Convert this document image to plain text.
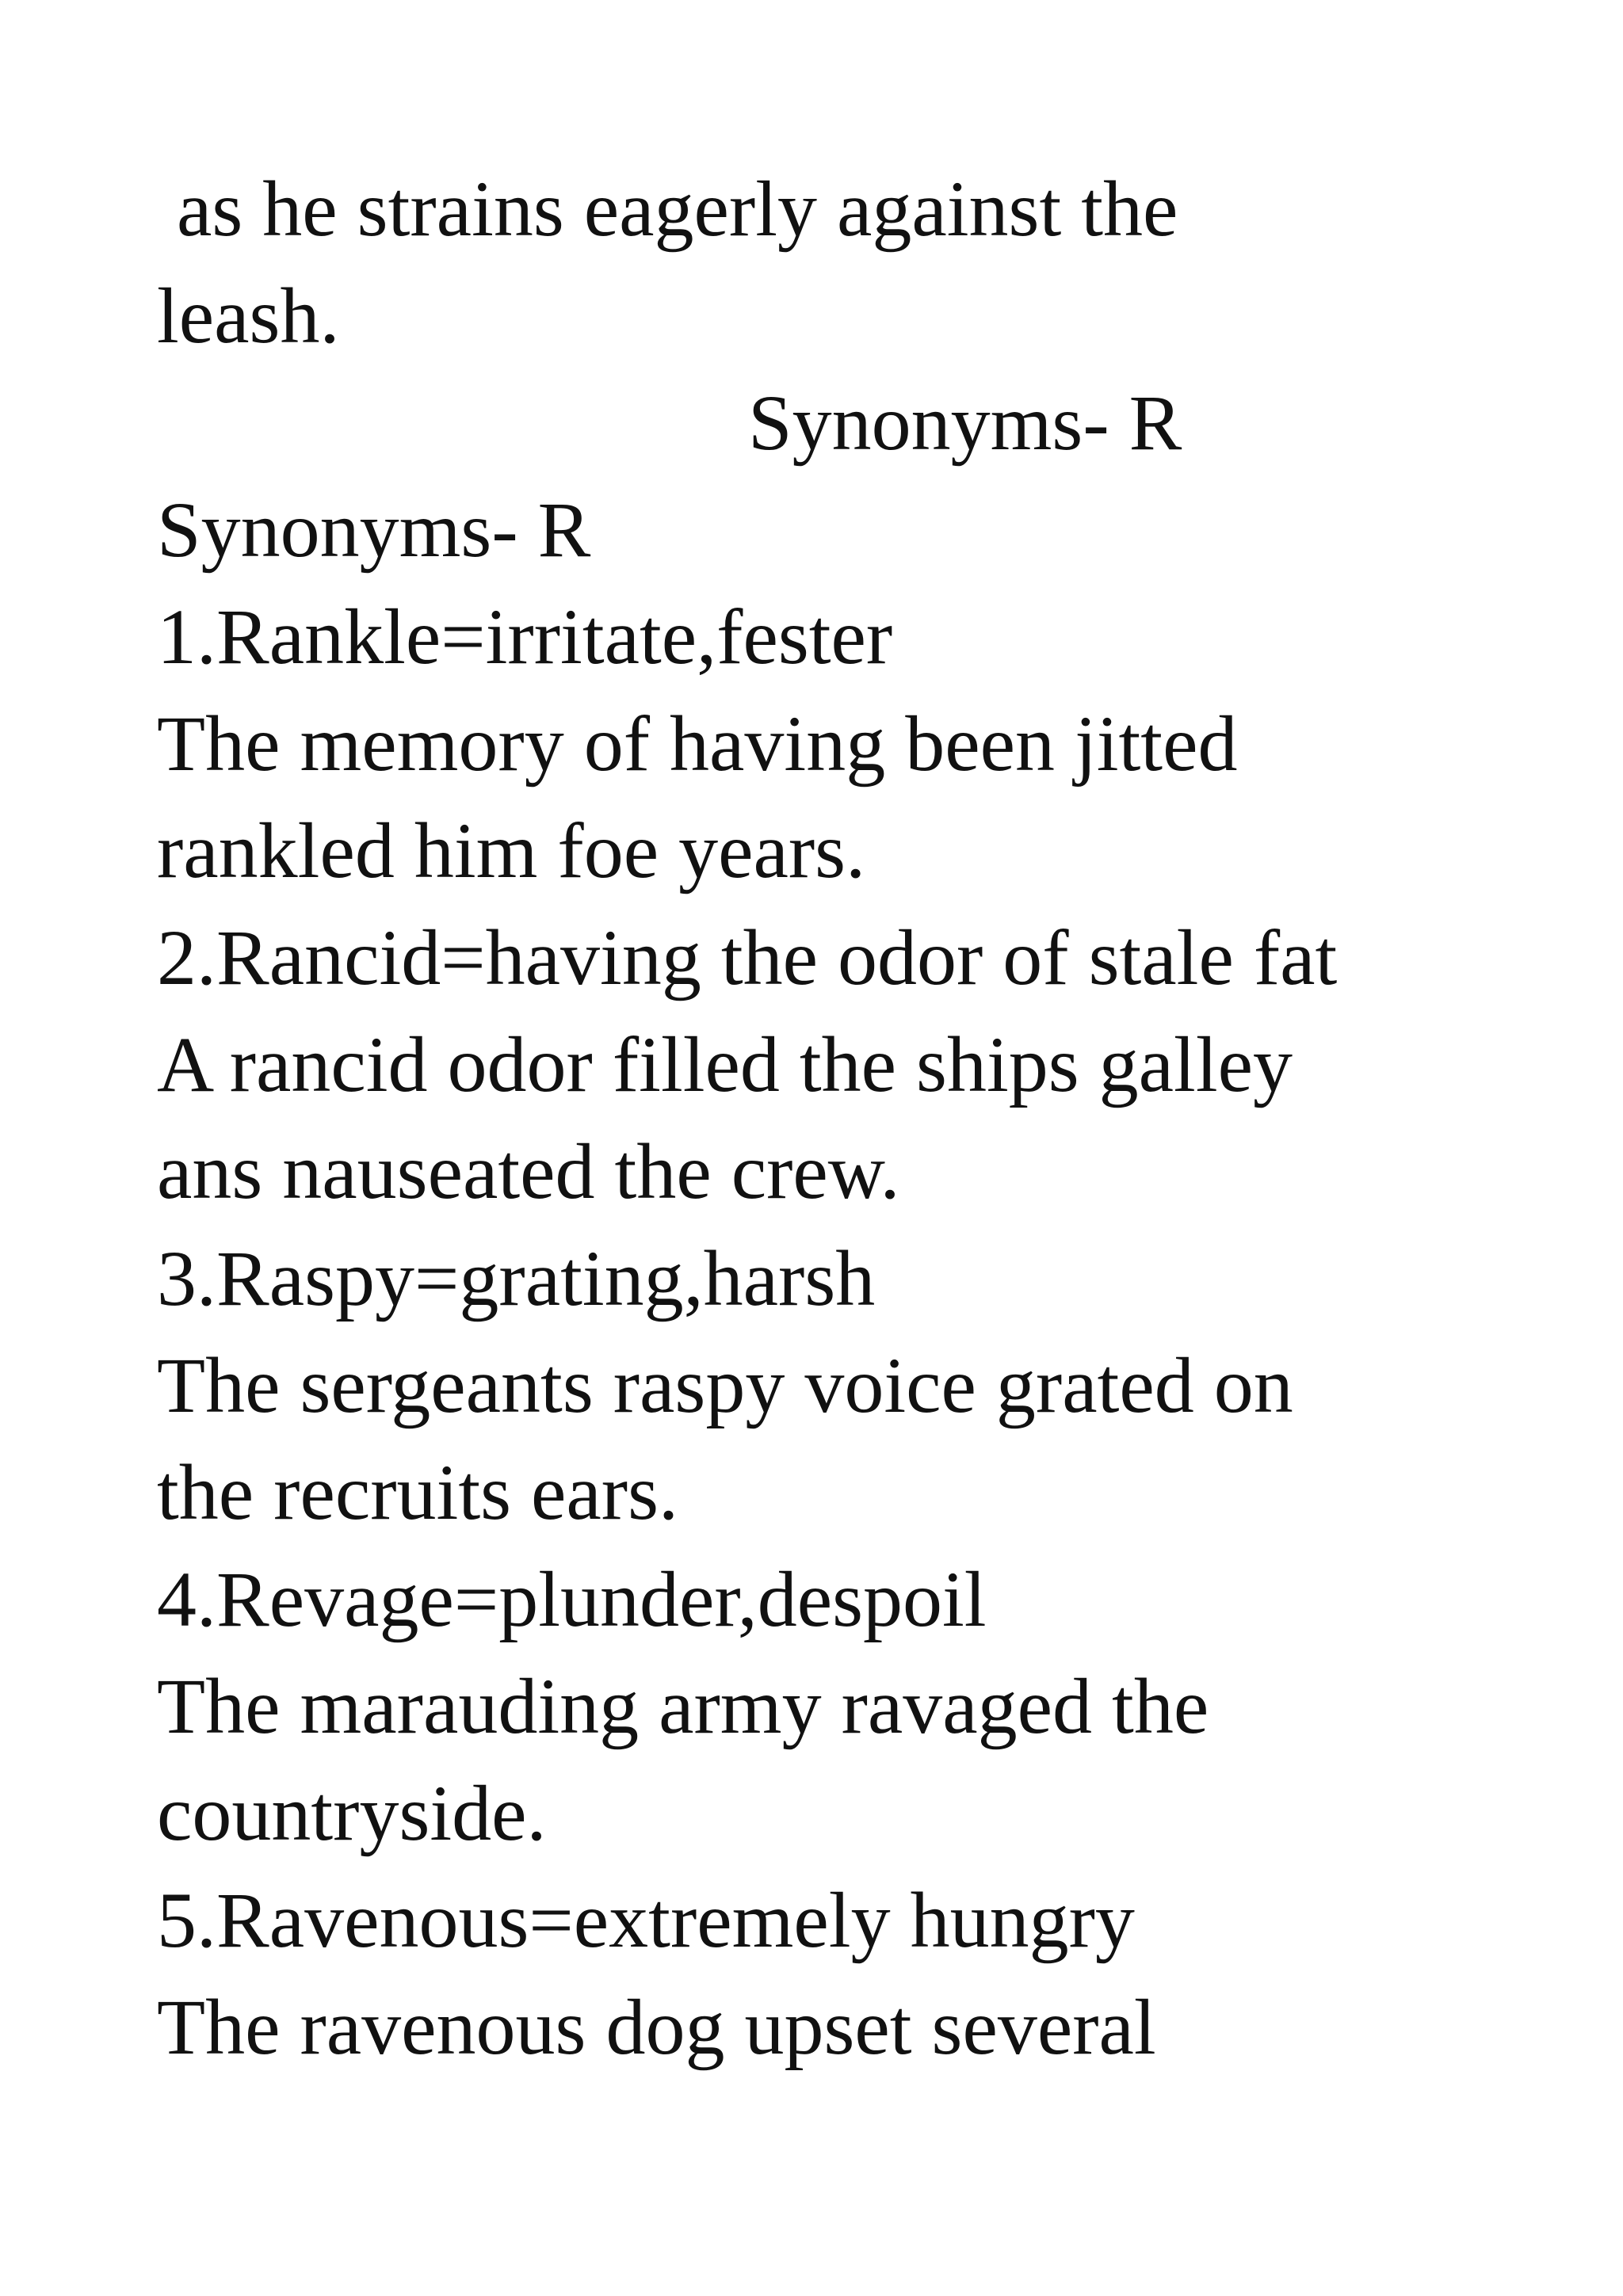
as he strains eagerly against the

leash.

Synonyms- R

Synonyms- R

1.Rankle=irritate,fester

The memory of having been jitted

rankled him foe years.

2.Rancid=having the odor of stale fat

A rancid odor filled the ships galley

ans nauseated the crew.

3.Raspy=grating,harsh

The sergeants raspy voice grated on

the recruits ears.

4.Revage=plunder,despoil

The marauding army ravaged the

countryside.

5.Ravenous=extremely hungry

The ravenous dog upset several
